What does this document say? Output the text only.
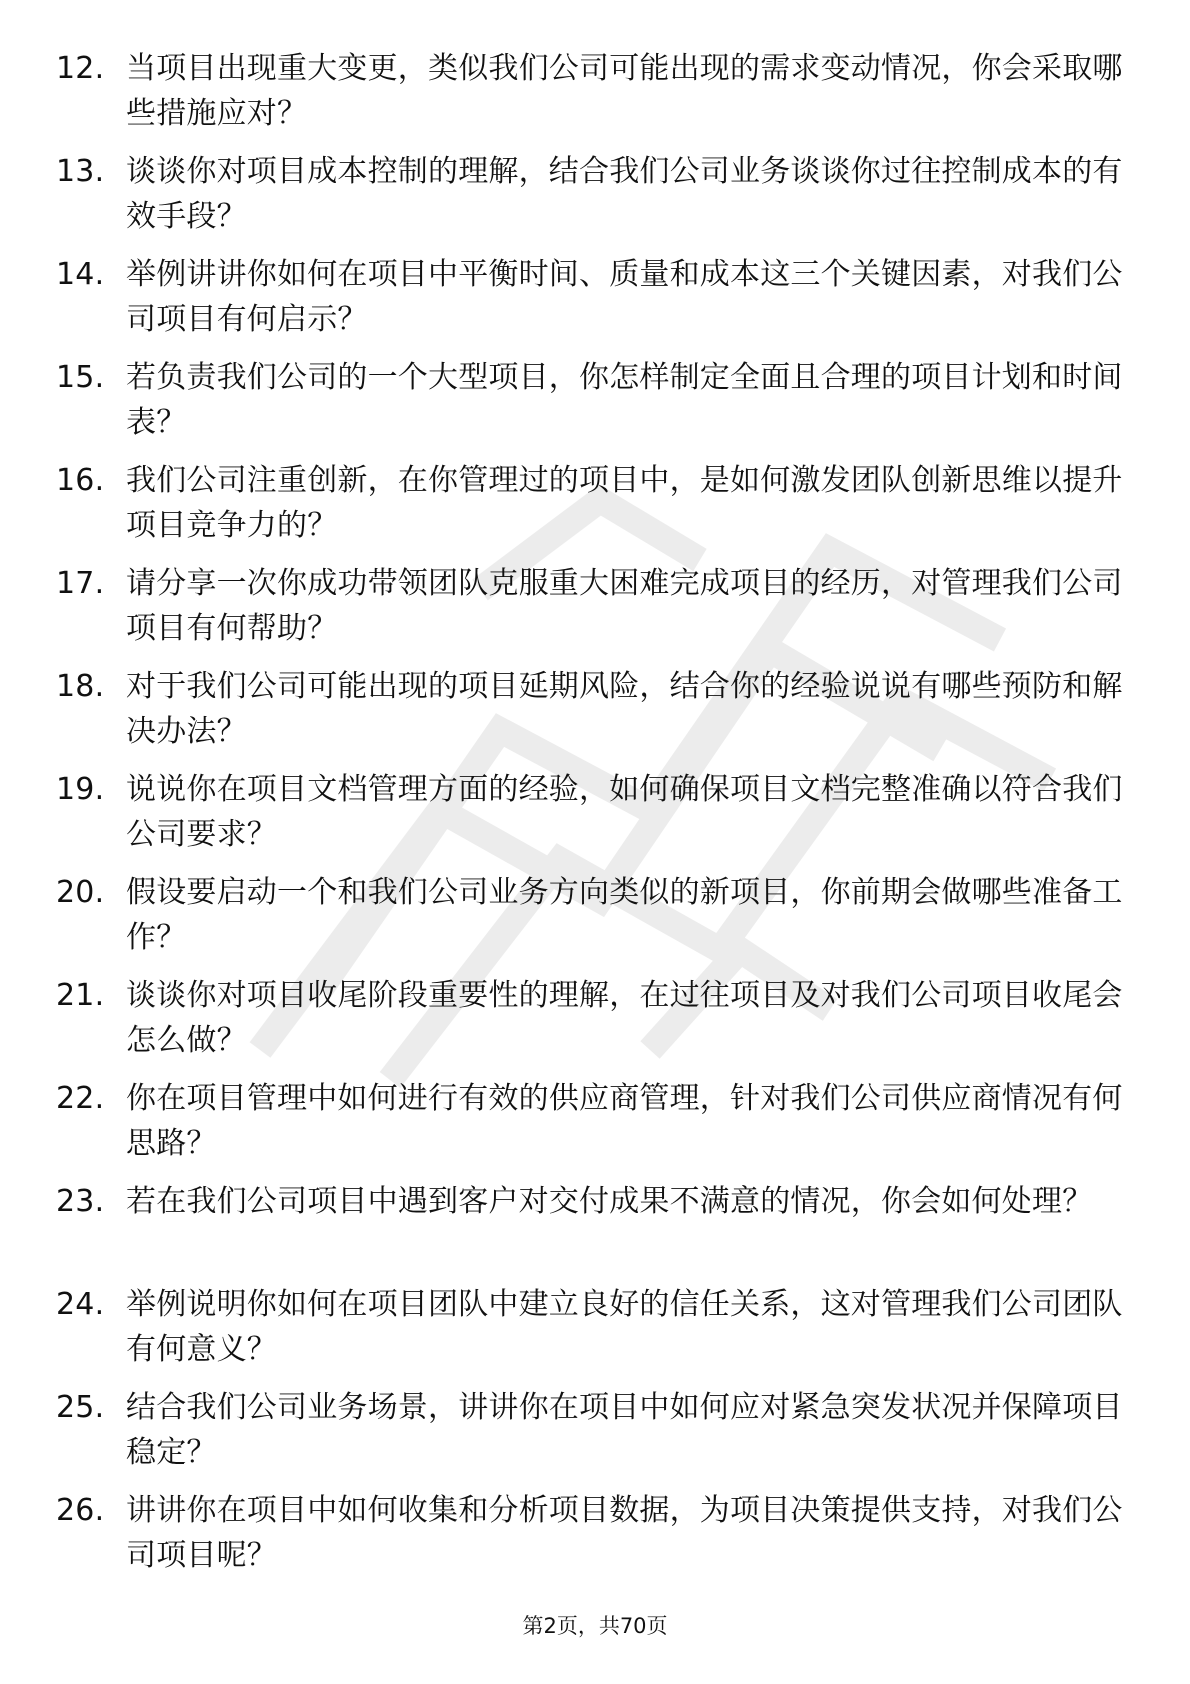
12. 当项目出现重大变更，类似我们公司可能出现的需求变动情况，你会采取哪些措施应对？
13. 谈谈你对项目成本控制的理解，结合我们公司业务谈谈你过往控制成本的有效手段？
14. 举例讲讲你如何在项目中平衡时间、质量和成本这三个关键因素，对我们公司项目有何启示？
15. 若负责我们公司的一个大型项目，你怎样制定全面且合理的项目计划和时间表？
16. 我们公司注重创新，在你管理过的项目中，是如何激发团队创新思维以提升项目竞争力的？
17. 请分享一次你成功带领团队克服重大困难完成项目的经历，对管理我们公司项目有何帮助？
18. 对于我们公司可能出现的项目延期风险，结合你的经验说说有哪些预防和解决办法？
19. 说说你在项目文档管理方面的经验，如何确保项目文档完整准确以符合我们公司要求？
20. 假设要启动一个和我们公司业务方向类似的新项目，你前期会做哪些准备工作？
21. 谈谈你对项目收尾阶段重要性的理解，在过往项目及对我们公司项目收尾会怎么做？
22. 你在项目管理中如何进行有效的供应商管理，针对我们公司供应商情况有何思路？
23. 若在我们公司项目中遇到客户对交付成果不满意的情况，你会如何处理？
24. 举例说明你如何在项目团队中建立良好的信任关系，这对管理我们公司团队有何意义？
25. 结合我们公司业务场景，讲讲你在项目中如何应对紧急突发状况并保障项目稳定？
26. 讲讲你在项目中如何收集和分析项目数据，为项目决策提供支持，对我们公司项目呢？
第2页，共70页
